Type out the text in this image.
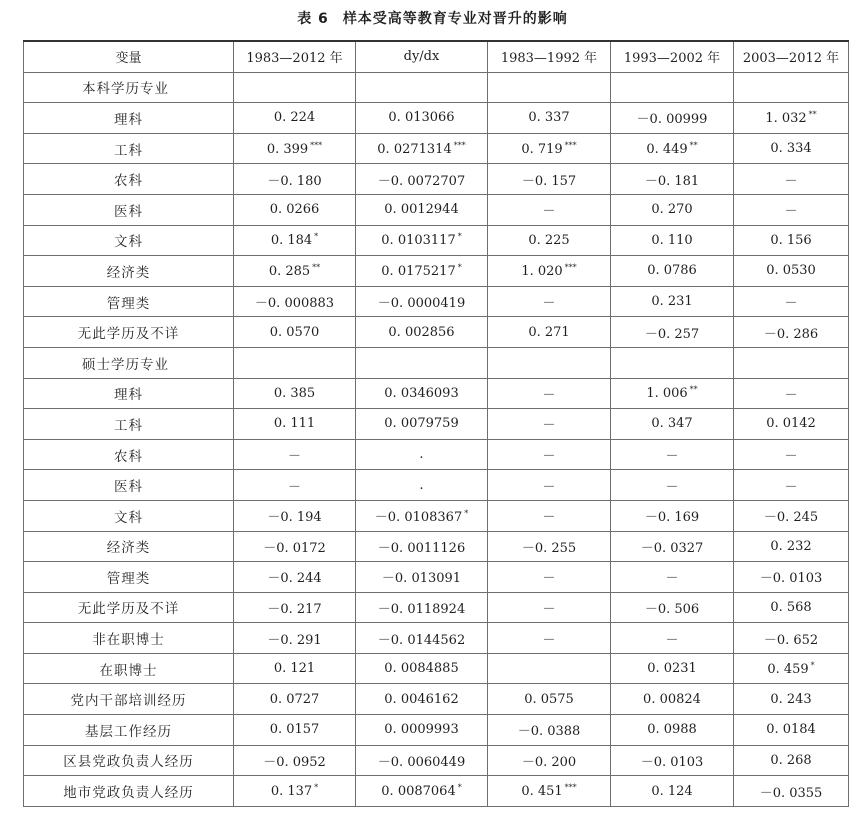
表 6 样本受高等教育专业对晋升的影响
变量	1983—2012 年	dy/dx	1983—1992 年	1993—2002 年	2003—2012 年
本科学历专业					
理科	0. 224	0. 013066	0. 337	－0. 00999	1. 032 **
工科	0. 399 ***	0. 0271314 ***	0. 719 ***	0. 449 **	0. 334
农科	－0. 180	－0. 0072707	－0. 157	－0. 181	－
医科	0. 0266	0. 0012944	－	0. 270	－
文科	0. 184 *	0. 0103117 *	0. 225	0. 110	0. 156
经济类	0. 285 **	0. 0175217 *	1. 020 ***	0. 0786	0. 0530
管理类	－0. 000883	－0. 0000419	－	0. 231	－
无此学历及不详	0. 0570	0. 002856	0. 271	－0. 257	－0. 286
硕士学历专业					
理科	0. 385	0. 0346093	－	1. 006 **	－
工科	0. 111	0. 0079759	－	0. 347	0. 0142
农科	－	.	－	－	－
医科	－	.	－	－	－
文科	－0. 194	－0. 0108367 *	－	－0. 169	－0. 245
经济类	－0. 0172	－0. 0011126	－0. 255	－0. 0327	0. 232
管理类	－0. 244	－0. 013091	－	－	－0. 0103
无此学历及不详	－0. 217	－0. 0118924	－	－0. 506	0. 568
非在职博士	－0. 291	－0. 0144562	－	－	－0. 652
在职博士	0. 121	0. 0084885		0. 0231	0. 459 *
党内干部培训经历	0. 0727	0. 0046162	0. 0575	0. 00824	0. 243
基层工作经历	0. 0157	0. 0009993	－0. 0388	0. 0988	0. 0184
区县党政负责人经历	－0. 0952	－0. 0060449	－0. 200	－0. 0103	0. 268
地市党政负责人经历	0. 137 *	0. 0087064 *	0. 451 ***	0. 124	－0. 0355
